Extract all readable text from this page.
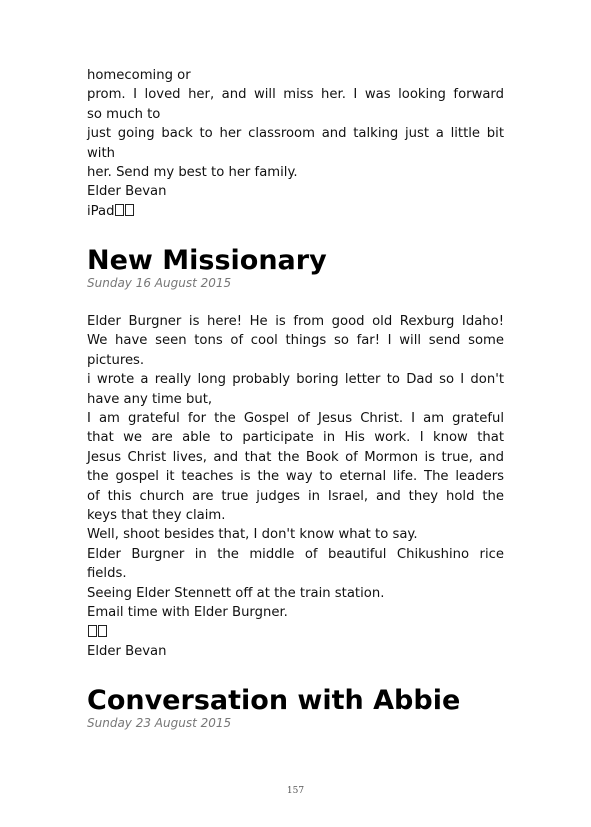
homecoming or
prom. I loved her, and will miss her. I was looking forward
so much to
just going back to her classroom and talking just a little bit
with
her. Send my best to her family.
Elder Bevan
iPad
New Missionary
Sunday 16 August 2015
Elder Burgner is here! He is from good old Rexburg Idaho!
We have seen tons of cool things so far! I will send some
pictures.
i wrote a really long probably boring letter to Dad so I don't
have any time but,
I am grateful for the Gospel of Jesus Christ. I am grateful
that we are able to participate in His work. I know that
Jesus Christ lives, and that the Book of Mormon is true, and
the gospel it teaches is the way to eternal life. The leaders
of this church are true judges in Israel, and they hold the
keys that they claim.
Well, shoot besides that, I don't know what to say.
Elder Burgner in the middle of beautiful Chikushino rice
fields.
Seeing Elder Stennett off at the train station.
Email time with Elder Burgner.
Elder Bevan
Conversation with Abbie
Sunday 23 August 2015
157
